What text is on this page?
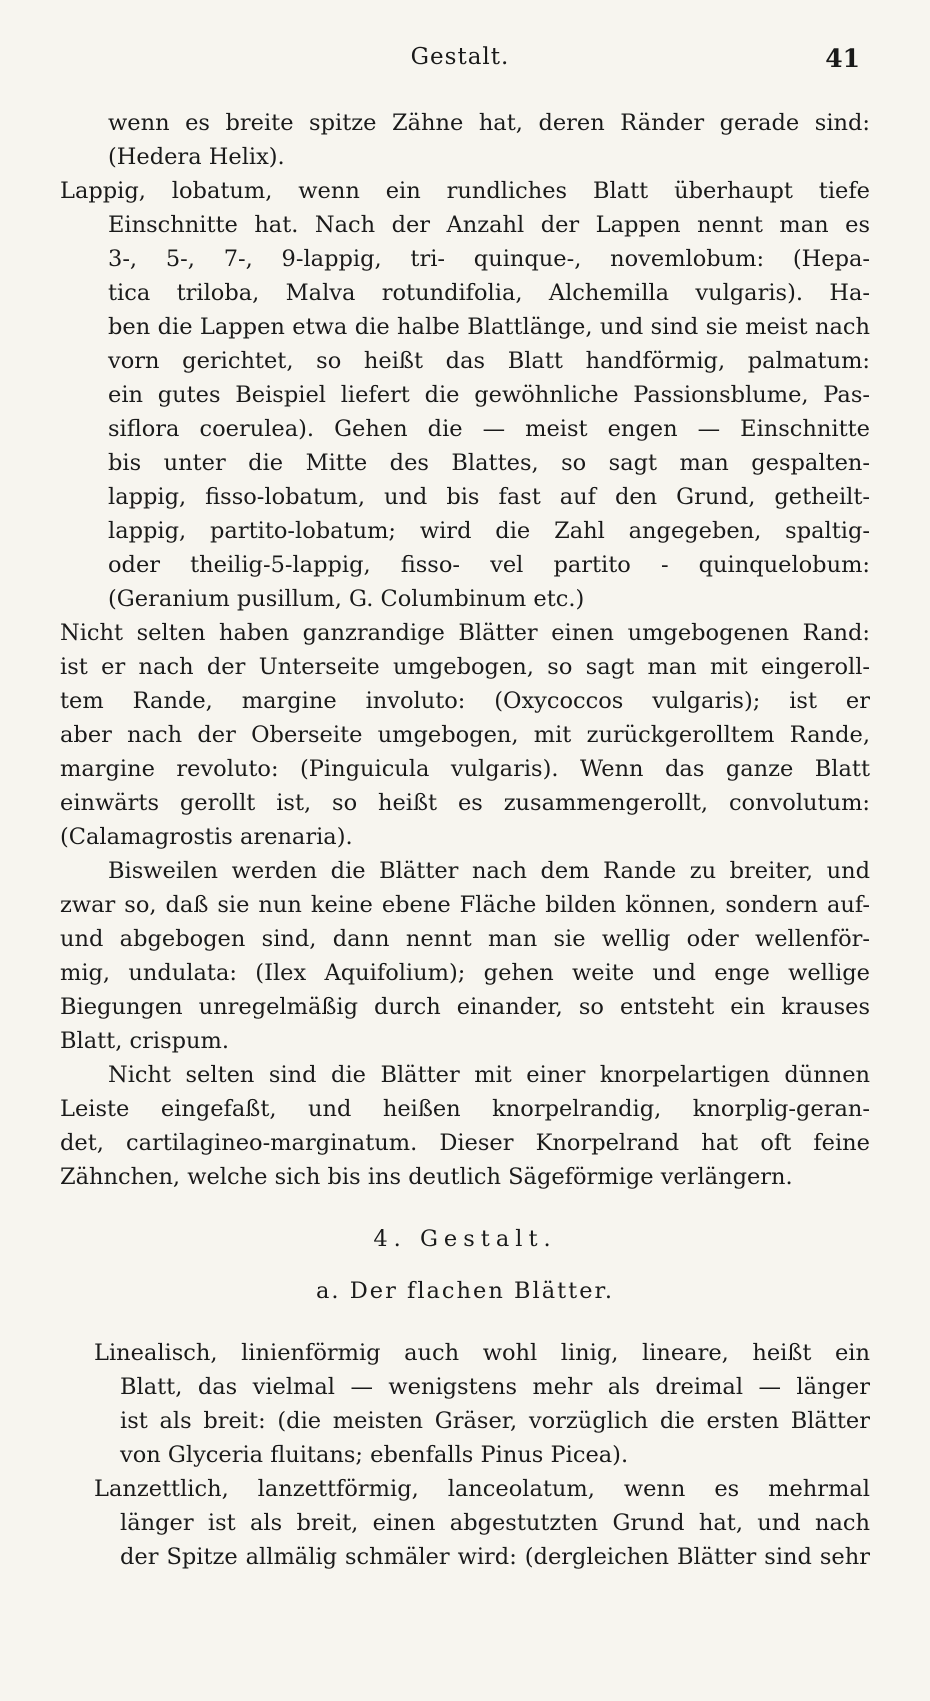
Gestalt.	41
wenn es breite spitze Zähne hat, deren Ränder gerade sind:
(Hedera Helix).
Lappig, lobatum, wenn ein rundliches Blatt überhaupt tiefe
Einschnitte hat. Nach der Anzahl der Lappen nennt man es
3-, 5-, 7-, 9-lappig, tri- quinque-, novemlobum: (Hepa-
tica triloba, Malva rotundifolia, Alchemilla vulgaris). Ha-
ben die Lappen etwa die halbe Blattlänge, und sind sie meist nach
vorn gerichtet, so heißt das Blatt handförmig, palmatum:
ein gutes Beispiel liefert die gewöhnliche Passionsblume, Pas-
siflora coerulea). Gehen die — meist engen — Einschnitte
bis unter die Mitte des Blattes, so sagt man gespalten-
lappig, fisso-lobatum, und bis fast auf den Grund, getheilt-
lappig, partito-lobatum; wird die Zahl angegeben, spaltig-
oder theilig-5-lappig, fisso- vel partito - quinquelobum:
(Geranium pusillum, G. Columbinum etc.)
Nicht selten haben ganzrandige Blätter einen umgebogenen Rand:
ist er nach der Unterseite umgebogen, so sagt man mit eingeroll-
tem Rande, margine involuto: (Oxycoccos vulgaris); ist er
aber nach der Oberseite umgebogen, mit zurückgerolltem Rande,
margine revoluto: (Pinguicula vulgaris). Wenn das ganze Blatt
einwärts gerollt ist, so heißt es zusammengerollt, convolutum:
(Calamagrostis arenaria).
Bisweilen werden die Blätter nach dem Rande zu breiter, und
zwar so, daß sie nun keine ebene Fläche bilden können, sondern auf-
und abgebogen sind, dann nennt man sie wellig oder wellenför-
mig, undulata: (Ilex Aquifolium); gehen weite und enge wellige
Biegungen unregelmäßig durch einander, so entsteht ein krauses
Blatt, crispum.
Nicht selten sind die Blätter mit einer knorpelartigen dünnen
Leiste eingefaßt, und heißen knorpelrandig, knorplig-geran-
det, cartilagineo-marginatum. Dieser Knorpelrand hat oft feine
Zähnchen, welche sich bis ins deutlich Sägeförmige verlängern.
4. Gestalt.
a. Der flachen Blätter.
Linealisch, linienförmig auch wohl linig, lineare, heißt ein
Blatt, das vielmal — wenigstens mehr als dreimal — länger
ist als breit: (die meisten Gräser, vorzüglich die ersten Blätter
von Glyceria fluitans; ebenfalls Pinus Picea).
Lanzettlich, lanzettförmig, lanceolatum, wenn es mehrmal
länger ist als breit, einen abgestutzten Grund hat, und nach
der Spitze allmälig schmäler wird: (dergleichen Blätter sind sehr
